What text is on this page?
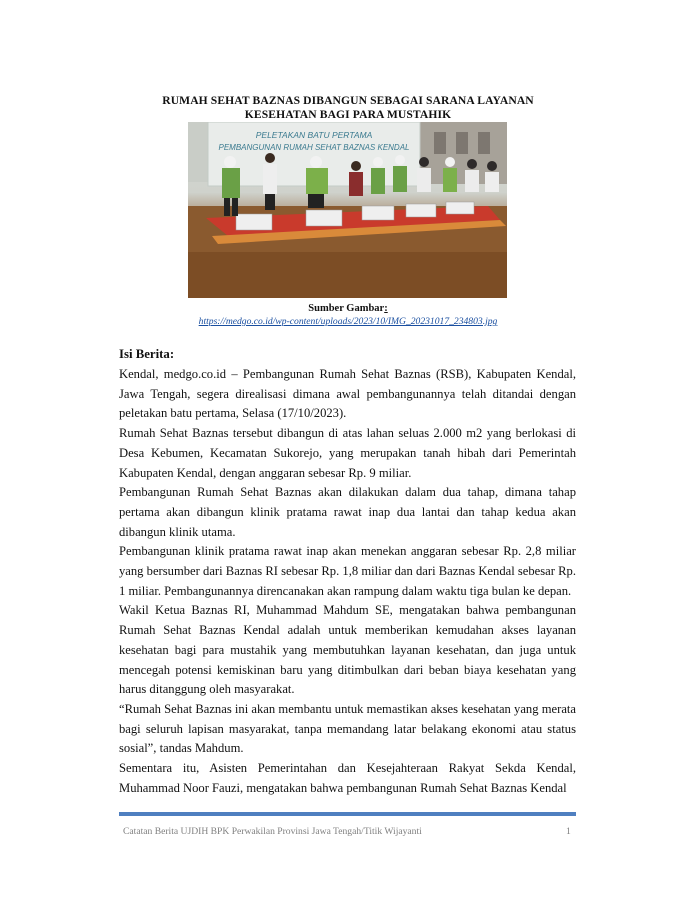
RUMAH SEHAT BAZNAS DIBANGUN SEBAGAI SARANA LAYANAN
KESEHATAN BAGI PARA MUSTAHIK
PELETAKAN BATU PERTAMA
PEMBANGUNAN RUMAH SEHAT BAZNAS KENDAL
Sumber Gambar:
https://medgo.co.id/wp-content/uploads/2023/10/IMG_20231017_234803.jpg
Isi Berita:

Kendal, medgo.co.id – Pembangunan Rumah Sehat Baznas (RSB), Kabupaten Kendal, Jawa Tengah, segera direalisasi dimana awal pembangunannya telah ditandai dengan peletakan batu pertama, Selasa (17/10/2023).

Rumah Sehat Baznas tersebut dibangun di atas lahan seluas 2.000 m2 yang berlokasi di Desa Kebumen, Kecamatan Sukorejo, yang merupakan tanah hibah dari Pemerintah Kabupaten Kendal, dengan anggaran sebesar Rp. 9 miliar.

Pembangunan Rumah Sehat Baznas akan dilakukan dalam dua tahap, dimana tahap pertama akan dibangun klinik pratama rawat inap dua lantai dan tahap kedua akan dibangun klinik utama.

Pembangunan klinik pratama rawat inap akan menekan anggaran sebesar Rp. 2,8 miliar yang bersumber dari Baznas RI sebesar Rp. 1,8 miliar dan dari Baznas Kendal sebesar Rp. 1 miliar. Pembangunannya direncanakan akan rampung dalam waktu tiga bulan ke depan.

Wakil Ketua Baznas RI, Muhammad Mahdum SE, mengatakan bahwa pembangunan Rumah Sehat Baznas Kendal adalah untuk memberikan kemudahan akses layanan kesehatan bagi para mustahik yang membutuhkan layanan kesehatan, dan juga untuk mencegah potensi kemiskinan baru yang ditimbulkan dari beban biaya kesehatan yang harus ditanggung oleh masyarakat.

“Rumah Sehat Baznas ini akan membantu untuk memastikan akses kesehatan yang merata bagi seluruh lapisan masyarakat, tanpa memandang latar belakang ekonomi atau status sosial”, tandas Mahdum.

Sementara itu, Asisten Pemerintahan dan Kesejahteraan Rakyat Sekda Kendal, Muhammad Noor Fauzi, mengatakan bahwa pembangunan Rumah Sehat Baznas Kendal

Catatan Berita UJDIH BPK Perwakilan Provinsi Jawa Tengah/Titik Wijayanti	1
